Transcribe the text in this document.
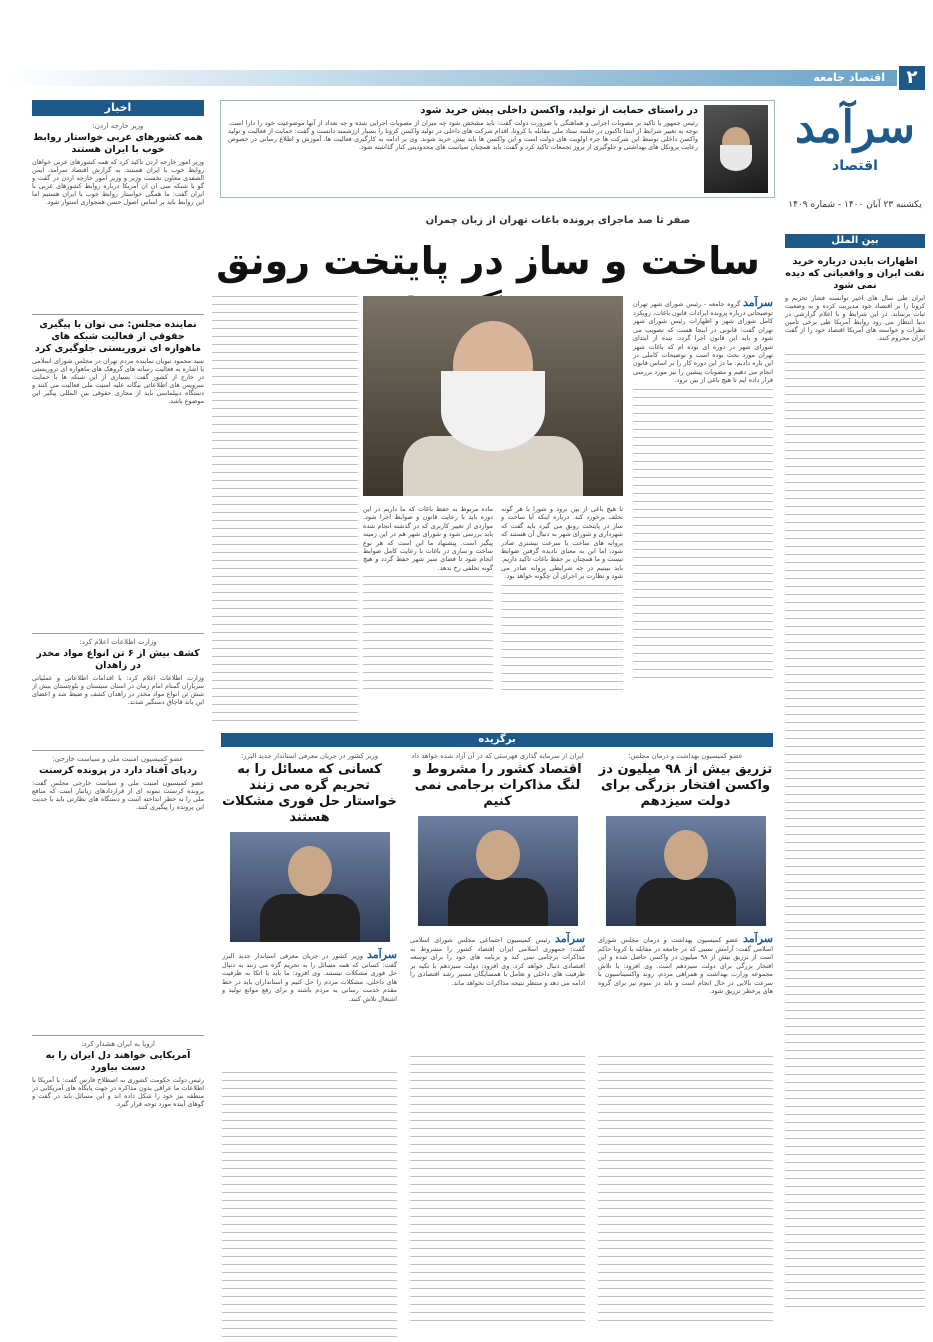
۲
اقتصاد جامعه
سرآمد
اقتصاد
یکشنبه ۲۳ آبان ۱۴۰۰ - شماره ۱۴۰۹
در راستای حمایت از تولید، واکسن داخلی پیش خرید شود
رئیس جمهور با تاکید بر مصوبات اجرایی و هماهنگی با ضرورت دولت گفت: باید مشخص شود چه میزان از مصوبات اجرایی شده و چه تعداد از آنها موضوعیت خود را دارا است. توجه به تغییر شرایط از ابتدا تاکنون در جلسه ستاد ملی مقابله با کرونا، اقدام شرکت های داخلی در تولید واکسن کرونا را بسیار ارزشمند دانست و گفت: حمایت از فعالیت و تولید واکسن داخلی توسط این شرکت ها جزء اولویت های دولت است و این واکسن ها باید پیش خرید شوند. وی بر ادامه به کارگیری فعالیت ها، آموزش و اطلاع رسانی در خصوص رعایت پروتکل های بهداشتی و جلوگیری از بروز تجمعات تاکید کرد و گفت: باید همچنان سیاست های محدودیتی کنار گذاشته شود.
اخبار
وزیر خارجه اردن:
همه کشورهای عربی خواستار روابط خوب با ایران هستند
وزیر امور خارجه اردن تاکید کرد که همه کشورهای عربی خواهان روابط خوب با ایران هستند. به گزارش اقتصاد سرآمد، ایمن الصفدی معاون نخست وزیر و وزیر امور خارجه اردن در گفت و گو با شبکه سی ان ان آمریکا درباره روابط کشورهای عربی با ایران گفت: ما همگی خواستار روابط خوب با ایران هستیم اما این روابط باید بر اساس اصول حسن همجواری استوار شود.
نماینده مجلس: می توان با پیگیری حقوقی از فعالیت شبکه های ماهواره ای تروریستی جلوگیری کرد
سید محمود نبویان نماینده مردم تهران در مجلس شورای اسلامی با اشاره به فعالیت رسانه های گروهک های ماهواره ای تروریستی در خارج از کشور گفت: بسیاری از این شبکه ها با حمایت سرویس های اطلاعاتی بیگانه علیه امنیت ملی فعالیت می کنند و دستگاه دیپلماسی باید از مجاری حقوقی بین المللی پیگیر این موضوع باشد.
وزارت اطلاعات اعلام کرد:
کشف بیش از ۶ تن انواع مواد مخدر در زاهدان
وزارت اطلاعات اعلام کرد: با اقدامات اطلاعاتی و عملیاتی سربازان گمنام امام زمان در استان سیستان و بلوچستان بیش از شش تن انواع مواد مخدر در زاهدان کشف و ضبط شد و اعضای این باند قاچاق دستگیر شدند.
عضو کمیسیون امنیت ملی و سیاست خارجی:
ردپای آفتاد دارد در پرونده کرسنت
عضو کمیسیون امنیت ملی و سیاست خارجی مجلس گفت: پرونده کرسنت نمونه ای از قراردادهای زیانبار است که منافع ملی را به خطر انداخته است و دستگاه های نظارتی باید با جدیت این پرونده را پیگیری کنند.
اروپا به ایران هشدار کرد:
آمریکایی خواهند دل ایران را به دست بیاورد
رئیس دولت حکومت کشوری به اصطلاح فارس گفت: با آمریکا با اطلاعات ما عراقی بدون مذاکره در جهت پایگاه های آمریکایی در منطقه نیز خود را شکل داده اند و این مسائل باید در گفت و گوهای آینده مورد توجه قرار گیرد.
بین الملل
اظهارات بایدن درباره خرید نفت ایران و واقعیاتی که دیده نمی شود
ایران طی سال های اخیر توانسته فشار تحریم و کرونا را بر اقتصاد خود مدیریت کرده و به وضعیت ثبات برساند. در این شرایط و با اعلام گزارشی در دنیا انتظار می رود روابط آمریکا طی برخی تأمین نظرات و خواسته های آمریکا اقتصاد خود را از گفت ایران محروم کنند.
صفر تا صد ماجرای پرونده باغات تهران از زبان چمران
ساخت و ساز در پایتخت رونق
سرآمد گروه جامعه - رئیس شورای شهر تهران توضیحاتی درباره پرونده ایرادات قانون باغات، رویکرد کامل شورای شهر و اظهارات رئیس شورای شهر تهران گفت: قانونی در اینجا هست که تصویب می شود و باید این قانون اجرا گردد. بنده از ابتدای شورای شهر در دوره ای بوده ام که باغات شهر تهران مورد بحث بوده است و توضیحات کاملی در این باره دادیم. ما در این دوره کار را بر اساس قانون انجام می دهیم و مصوبات پیشین را نیز مورد بررسی قرار داده ایم تا هیچ باغی از بین نرود.
ماده مربوط به حفظ باغات که ما داریم در این دوره باید با رعایت قانون و ضوابط اجرا شود. مواردی از تغییر کاربری که در گذشته انجام شده باید بررسی شود و شورای شهر هم در این زمینه پیگیر است. پیشنهاد ما این است که هر نوع ساخت و سازی در باغات با رعایت کامل ضوابط انجام شود تا فضای سبز شهر حفظ گردد و هیچ گونه تخلفی رخ ندهد.
تا هیچ باغی از بین نرود و شورا با هر گونه تخلف برخورد کند. درباره اینکه آیا ساخت و ساز در پایتخت رونق می گیرد باید گفت که شهرداری و شورای شهر به دنبال آن هستند که پروانه های ساخت با سرعت بیشتری صادر شود، اما این به معنای نادیده گرفتن ضوابط نیست و ما همچنان بر حفظ باغات تاکید داریم. باید ببینیم در چه شرایطی پروانه صادر می شود و نظارت بر اجرای آن چگونه خواهد بود.
برگزیده
عضو کمیسیون بهداشت و درمان مجلس:
تزریق بیش از ۹۸ میلیون دز واکسن افتخار بزرگی برای دولت سیزدهم
سرآمد عضو کمیسیون بهداشت و درمان مجلس شورای اسلامی گفت: آرامش نسبی که در جامعه در مقابله با کرونا حاکم است از تزریق بیش از ۹۸ میلیون دز واکسن حاصل شده و این افتخار بزرگی برای دولت سیزدهم است. وی افزود: با تلاش مجموعه وزارت بهداشت و همراهی مردم، روند واکسیناسیون با سرعت بالایی در حال انجام است و باید دز سوم نیز برای گروه های پرخطر تزریق شود.
ایران از سرمایه گذاری فهرستی که در آن آزاد شده خواهد داد
اقتصاد کشور را مشروط و لنگ مذاکرات برجامی نمی کنیم
سرآمد رئیس کمیسیون اجتماعی مجلس شورای اسلامی گفت: جمهوری اسلامی ایران اقتصاد کشور را مشروط به مذاکرات برجامی نمی کند و برنامه های خود را برای توسعه اقتصادی دنبال خواهد کرد. وی افزود: دولت سیزدهم با تکیه بر ظرفیت های داخلی و تعامل با همسایگان مسیر رشد اقتصادی را ادامه می دهد و منتظر نتیجه مذاکرات نخواهد ماند.
وزیر کشور در جریان معرفی استاندار جدید البرز:
کسانی که مسائل را به تحریم گره می زنند خواستار حل فوری مشکلات هستند
سرآمد وزیر کشور در جریان معرفی استاندار جدید البرز گفت: کسانی که همه مسائل را به تحریم گره می زنند به دنبال حل فوری مشکلات نیستند. وی افزود: ما باید با اتکا به ظرفیت های داخلی، مشکلات مردم را حل کنیم و استانداران باید در خط مقدم خدمت رسانی به مردم باشند و برای رفع موانع تولید و اشتغال تلاش کنند.
